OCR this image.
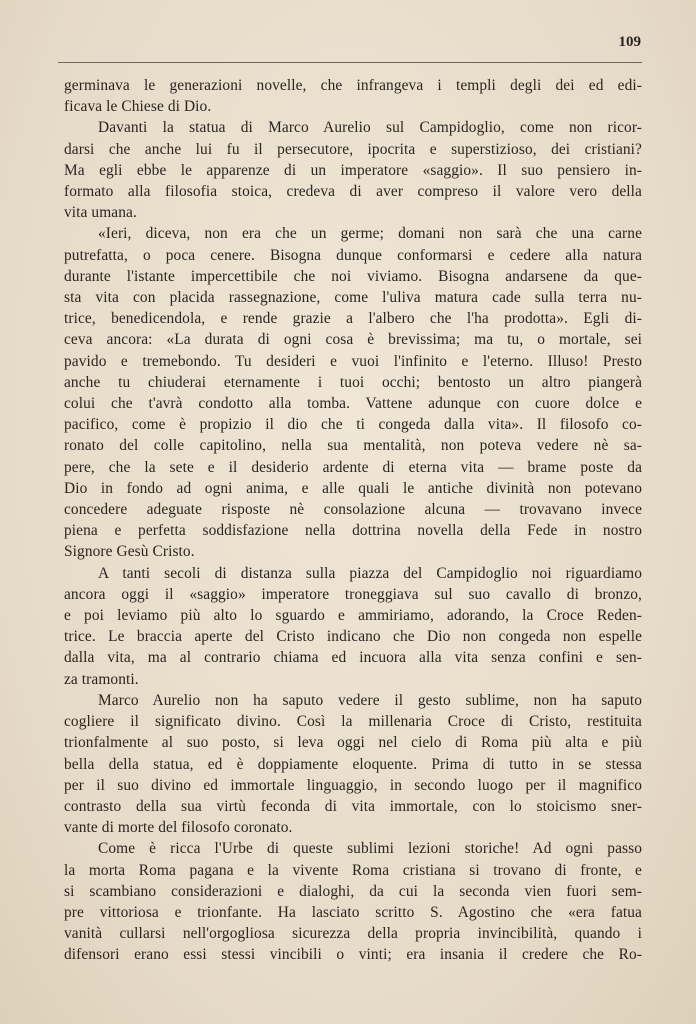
109

germinava le generazioni novelle, che infrangeva i templi degli dei ed edi-
ficava le Chiese di Dio.

Davanti la statua di Marco Aurelio sul Campidoglio, come non ricor-
darsi che anche lui fu il persecutore, ipocrita e superstizioso, dei cristiani?
Ma egli ebbe le apparenze di un imperatore «saggio». Il suo pensiero in-
formato alla filosofia stoica, credeva di aver compreso il valore vero della
vita umana.

«Ieri, diceva, non era che un germe; domani non sarà che una carne
putrefatta, o poca cenere. Bisogna dunque conformarsi e cedere alla natura
durante l'istante impercettibile che noi viviamo. Bisogna andarsene da que-
sta vita con placida rassegnazione, come l'uliva matura cade sulla terra nu-
trice, benedicendola, e rende grazie a l'albero che l'ha prodotta». Egli di-
ceva ancora: «La durata di ogni cosa è brevissima; ma tu, o mortale, sei
pavido e tremebondo. Tu desideri e vuoi l'infinito e l'eterno. Illuso! Presto
anche tu chiuderai eternamente i tuoi occhi; bentosto un altro piangerà
colui che t'avrà condotto alla tomba. Vattene adunque con cuore dolce e
pacifico, come è propizio il dio che ti congeda dalla vita». Il filosofo co-
ronato del colle capitolino, nella sua mentalità, non poteva vedere nè sa-
pere, che la sete e il desiderio ardente di eterna vita — brame poste da
Dio in fondo ad ogni anima, e alle quali le antiche divinità non potevano
concedere adeguate risposte nè consolazione alcuna — trovavano invece
piena e perfetta soddisfazione nella dottrina novella della Fede in nostro
Signore Gesù Cristo.

A tanti secoli di distanza sulla piazza del Campidoglio noi riguardiamo
ancora oggi il «saggio» imperatore troneggiava sul suo cavallo di bronzo,
e poi leviamo più alto lo sguardo e ammiriamo, adorando, la Croce Reden-
trice. Le braccia aperte del Cristo indicano che Dio non congeda non espelle
dalla vita, ma al contrario chiama ed incuora alla vita senza confini e sen-
za tramonti.

Marco Aurelio non ha saputo vedere il gesto sublime, non ha saputo
cogliere il significato divino. Così la millenaria Croce di Cristo, restituita
trionfalmente al suo posto, si leva oggi nel cielo di Roma più alta e più
bella della statua, ed è doppiamente eloquente. Prima di tutto in se stessa
per il suo divino ed immortale linguaggio, in secondo luogo per il magnifico
contrasto della sua virtù feconda di vita immortale, con lo stoicismo sner-
vante di morte del filosofo coronato.

Come è ricca l'Urbe di queste sublimi lezioni storiche! Ad ogni passo
la morta Roma pagana e la vivente Roma cristiana si trovano di fronte, e
si scambiano considerazioni e dialoghi, da cui la seconda vien fuori sem-
pre vittoriosa e trionfante. Ha lasciato scritto S. Agostino che «era fatua
vanità cullarsi nell'orgogliosa sicurezza della propria invincibilità, quando i
difensori erano essi stessi vincibili o vinti; era insania il credere che Ro-
